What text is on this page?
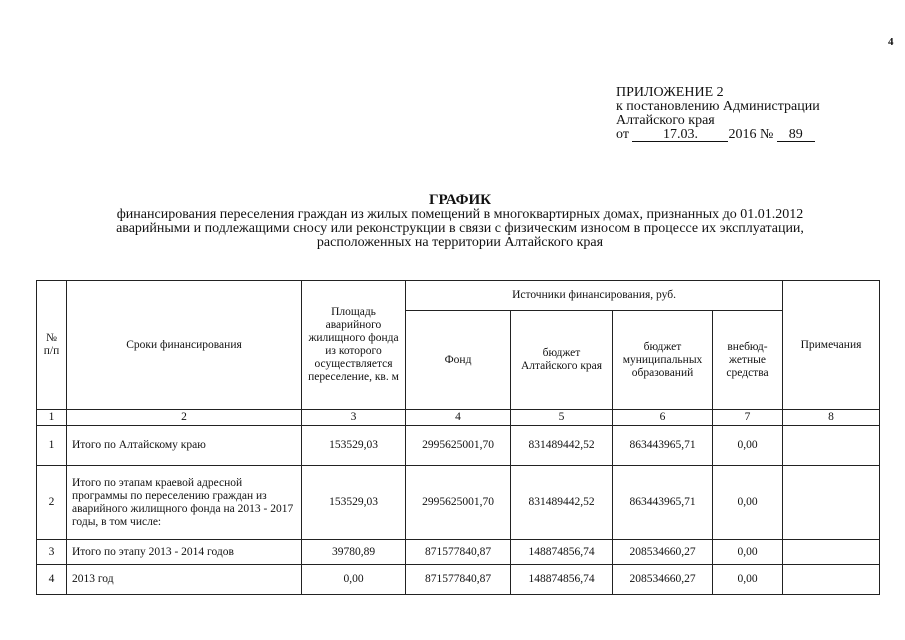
4
ПРИЛОЖЕНИЕ 2
к постановлению Администрации
Алтайского края
от 17.03. 2016 № 89
ГРАФИК
финансирования переселения граждан из жилых помещений в многоквартирных домах, признанных до 01.01.2012
аварийными и подлежащими сносу или реконструкции в связи с физическим износом в процессе их эксплуатации,
расположенных на территории Алтайского края
№ п/п	Сроки финансирования	Площадь аварийного жилищного фонда из которого осуществляется переселение, кв. м	Источники финансирования, руб.				Примечания
			Фонд	бюджет Алтайского края	бюджет муниципальных образований	внебюд-жетные средства	
1	2	3	4	5	6	7	8
1	Итого по Алтайскому краю	153529,03	2995625001,70	831489442,52	863443965,71	0,00	
2	Итого по этапам краевой адресной программы по переселению граждан из аварийного жилищного фонда на 2013 - 2017 годы, в том числе:	153529,03	2995625001,70	831489442,52	863443965,71	0,00	
3	Итого по этапу 2013 - 2014 годов	39780,89	871577840,87	148874856,74	208534660,27	0,00	
4	2013 год	0,00	871577840,87	148874856,74	208534660,27	0,00	
